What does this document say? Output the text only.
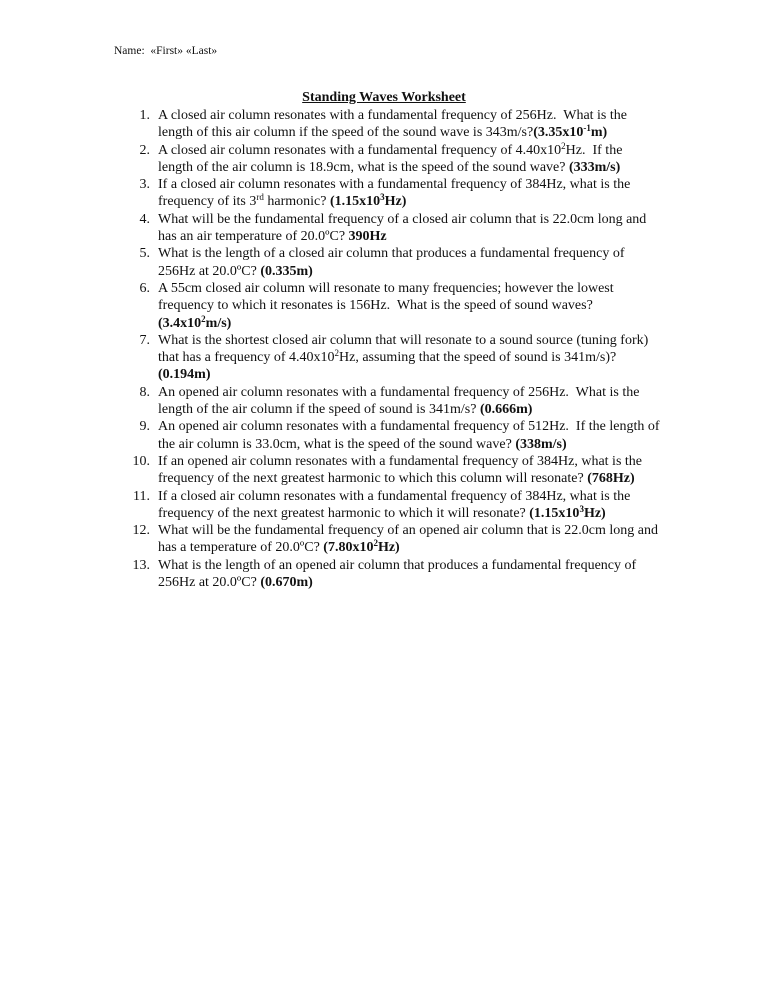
Name: «First» «Last»
Standing Waves Worksheet
1. A closed air column resonates with a fundamental frequency of 256Hz.  What is the length of this air column if the speed of the sound wave is $343m/s?(3.35x10^{-1}m)$
2. A closed air column resonates with a fundamental frequency of $4.40x10^2Hz$.  If the length of the air column is 18.9cm, what is the speed of the sound wave? (333m/s)
3. If a closed air column resonates with a fundamental frequency of 384Hz, what is the frequency of its 3rd harmonic? $(1.15x10^3Hz)$
4. What will be the fundamental frequency of a closed air column that is 22.0cm long and has an air temperature of 20.0ºC? 390Hz
5. What is the length of a closed air column that produces a fundamental frequency of 256Hz at 20.0ºC? (0.335m)
6. A 55cm closed air column will resonate to many frequencies; however the lowest frequency to which it resonates is 156Hz.  What is the speed of sound waves? $(3.4x10^2m/s)$
7. What is the shortest closed air column that will resonate to a sound source (tuning fork) that has a frequency of $4.40x10^2Hz$, assuming that the speed of sound is 341m/s)? (0.194m)
8. An opened air column resonates with a fundamental frequency of 256Hz.  What is the length of the air column if the speed of sound is 341m/s? (0.666m)
9. An opened air column resonates with a fundamental frequency of 512Hz.  If the length of the air column is 33.0cm, what is the speed of the sound wave? (338m/s)
10. If an opened air column resonates with a fundamental frequency of 384Hz, what is the frequency of the next greatest harmonic to which this column will resonate? (768Hz)
11. If a closed air column resonates with a fundamental frequency of 384Hz, what is the frequency of the next greatest harmonic to which it will resonate? $(1.15x10^3Hz)$
12. What will be the fundamental frequency of an opened air column that is 22.0cm long and has a temperature of 20.0ºC? $(7.80x10^2Hz)$
13. What is the length of an opened air column that produces a fundamental frequency of 256Hz at 20.0ºC? (0.670m)
